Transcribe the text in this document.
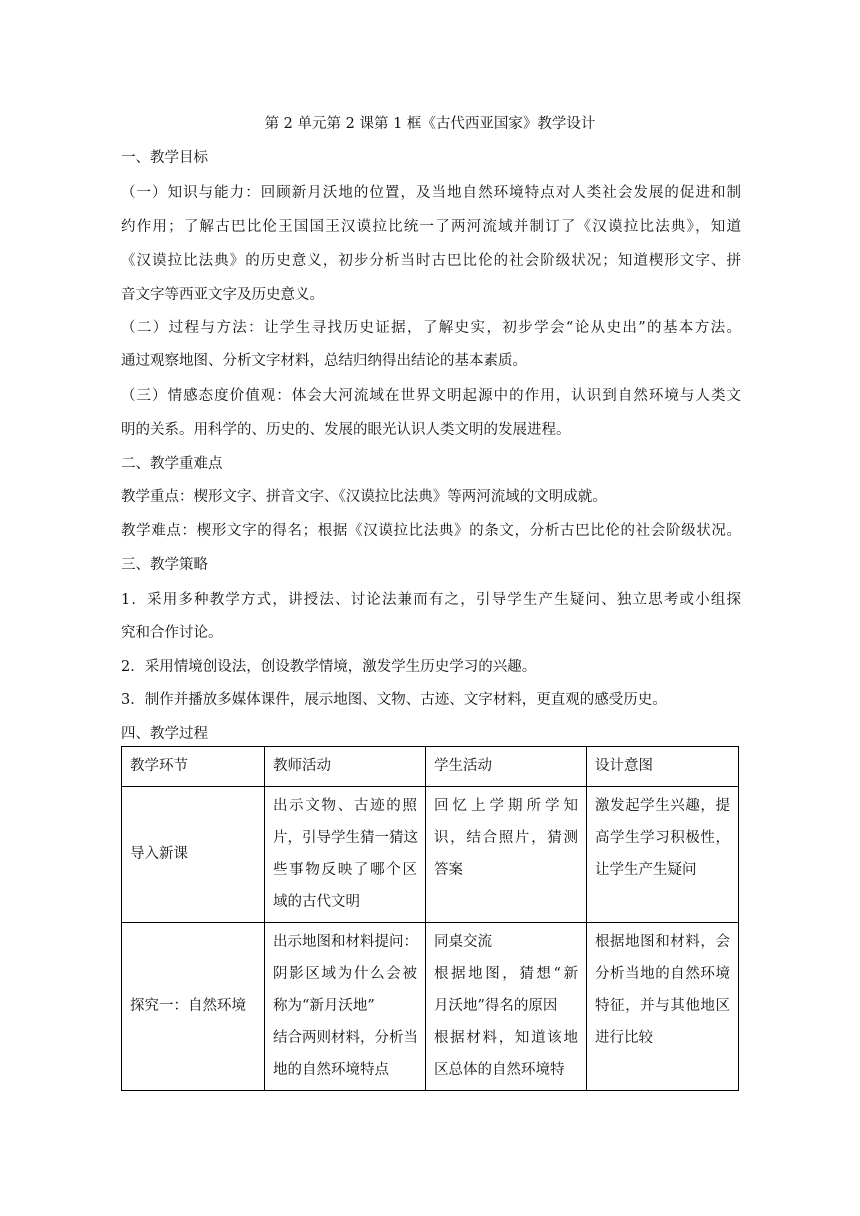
第 2 单元第 2 课第 1 框《古代西亚国家》教学设计
一、教学目标
（一）知识与能力：回顾新月沃地的位置，及当地自然环境特点对人类社会发展的促进和制
约作用；了解古巴比伦王国国王汉谟拉比统一了两河流域并制订了《汉谟拉比法典》，知道
《汉谟拉比法典》的历史意义，初步分析当时古巴比伦的社会阶级状况；知道楔形文字、拼
音文字等西亚文字及历史意义。
（二）过程与方法：让学生寻找历史证据，了解史实，初步学会“论从史出”的基本方法。
通过观察地图、分析文字材料，总结归纳得出结论的基本素质。
（三）情感态度价值观：体会大河流域在世界文明起源中的作用，认识到自然环境与人类文
明的关系。用科学的、历史的、发展的眼光认识人类文明的发展进程。
二、教学重难点
教学重点：楔形文字、拼音文字、《汉谟拉比法典》等两河流域的文明成就。
教学难点：楔形文字的得名；根据《汉谟拉比法典》的条文，分析古巴比伦的社会阶级状况。
三、教学策略
1．采用多种教学方式，讲授法、讨论法兼而有之，引导学生产生疑问、独立思考或小组探
究和合作讨论。
2．采用情境创设法，创设教学情境，激发学生历史学习的兴趣。
3．制作并播放多媒体课件，展示地图、文物、古迹、文字材料，更直观的感受历史。
四、教学过程
教学环节	教师活动	学生活动	设计意图
导入新课	出示文物、古迹的照
片，引导学生猜一猜这
些事物反映了哪个区
域的古代文明	回忆上学期所学知
识，结合照片，猜测
答案	激发起学生兴趣，提
高学生学习积极性，
让学生产生疑问

探究一：自然环境	出示地图和材料提问：
阴影区域为什么会被
称为“新月沃地”
结合两则材料，分析当
地的自然环境特点	同桌交流
根据地图，猜想“新
月沃地”得名的原因
根据材料，知道该地
区总体的自然环境特	根据地图和材料，会
分析当地的自然环境
特征，并与其他地区
进行比较
